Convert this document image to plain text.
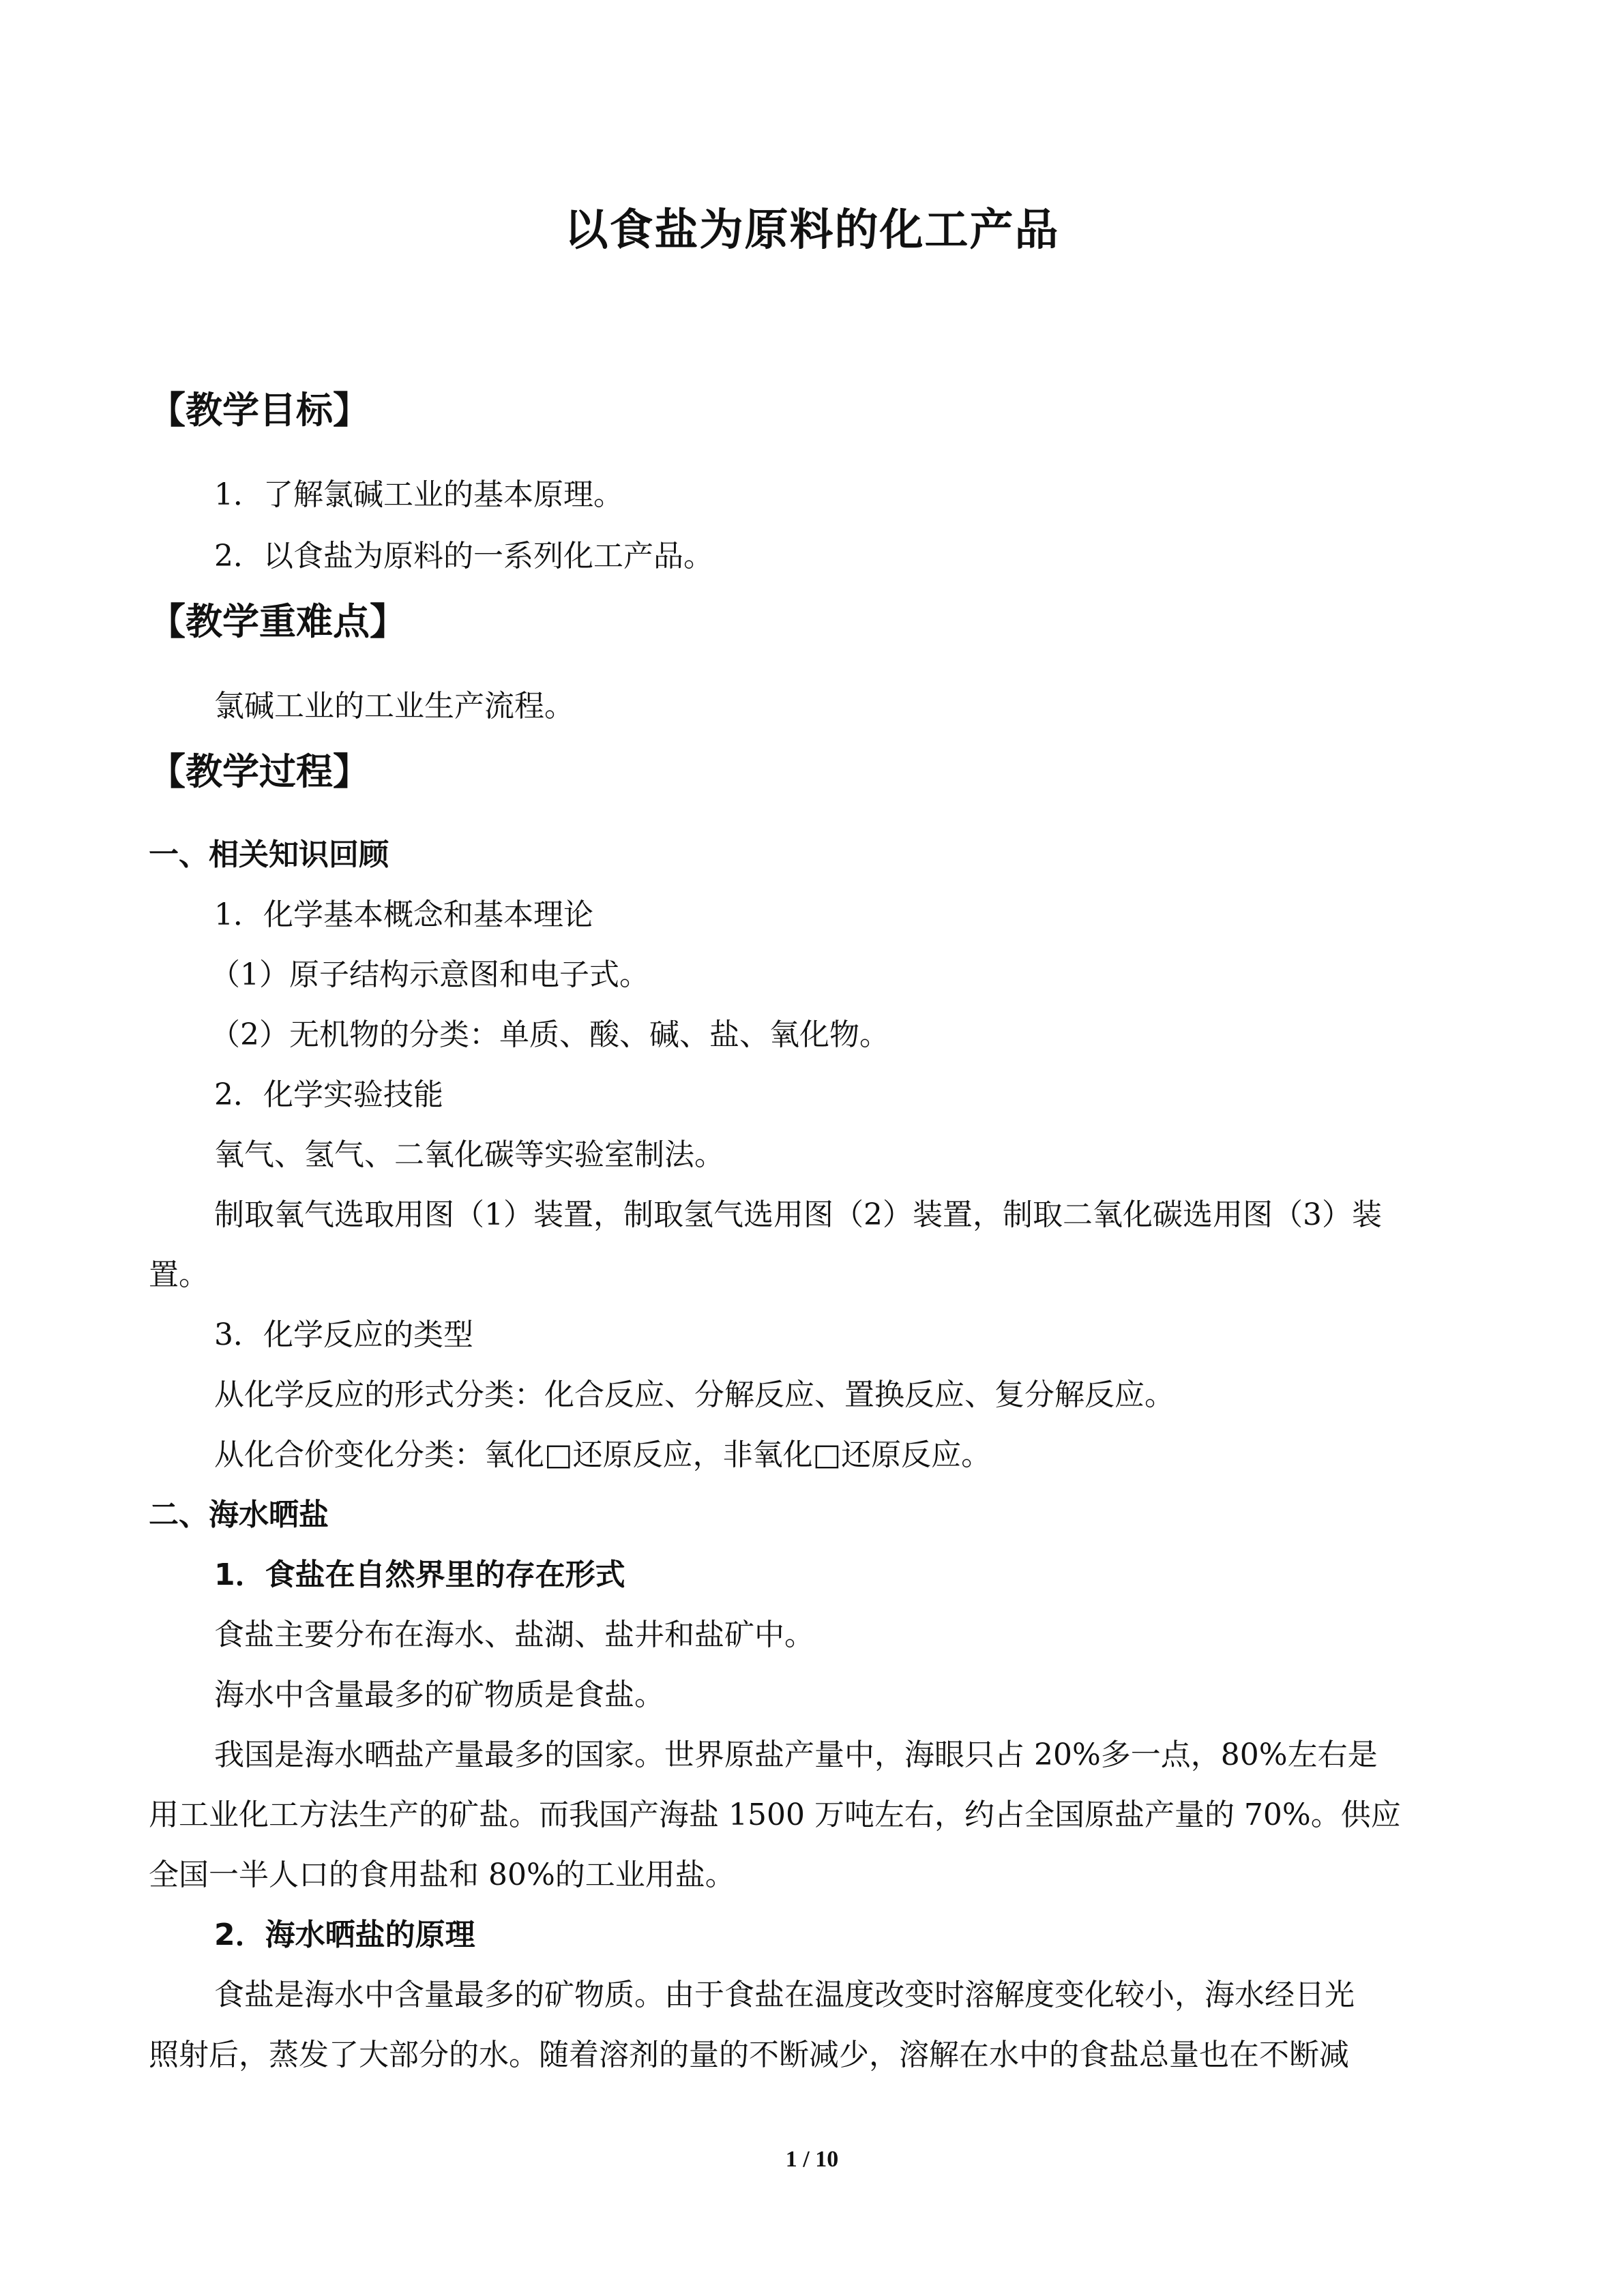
以食盐为原料的化工产品
【教学目标】
1．了解氯碱工业的基本原理。
2．以食盐为原料的一系列化工产品。
【教学重难点】
氯碱工业的工业生产流程。
【教学过程】
一、相关知识回顾
1．化学基本概念和基本理论
（1）原子结构示意图和电子式。
（2）无机物的分类：单质、酸、碱、盐、氧化物。
2．化学实验技能
氧气、氢气、二氧化碳等实验室制法。
制取氧气选取用图（1）装置，制取氢气选用图（2）装置，制取二氧化碳选用图（3）装
置。
3．化学反应的类型
从化学反应的形式分类：化合反应、分解反应、置换反应、复分解反应。
从化合价变化分类：氧化□还原反应，非氧化□还原反应。
二、海水晒盐
1．食盐在自然界里的存在形式
食盐主要分布在海水、盐湖、盐井和盐矿中。
海水中含量最多的矿物质是食盐。
我国是海水晒盐产量最多的国家。世界原盐产量中，海眼只占 20%多一点，80%左右是
用工业化工方法生产的矿盐。而我国产海盐 1500 万吨左右，约占全国原盐产量的 70%。供应
全国一半人口的食用盐和 80%的工业用盐。
2．海水晒盐的原理
食盐是海水中含量最多的矿物质。由于食盐在温度改变时溶解度变化较小，海水经日光
照射后，蒸发了大部分的水。随着溶剂的量的不断减少，溶解在水中的食盐总量也在不断减
1 / 10
